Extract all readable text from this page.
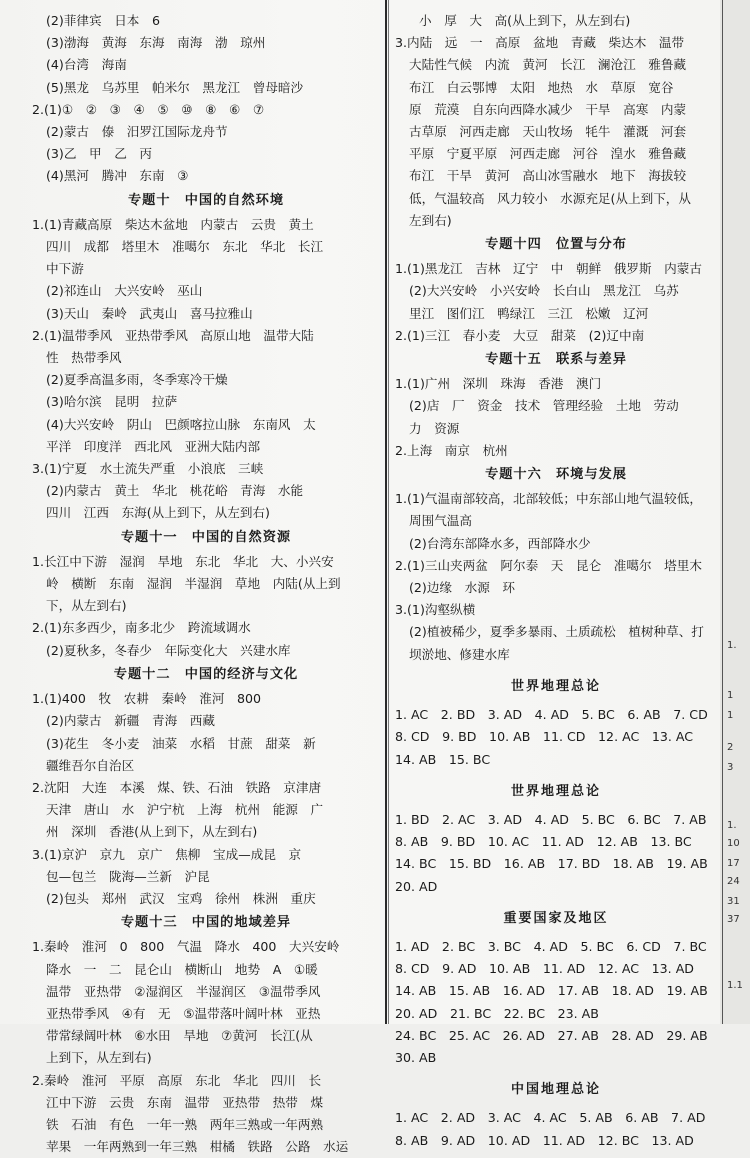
(2)菲律宾　日本　6
(3)渤海　黄海　东海　南海　渤　琼州
(4)台湾　海南
(5)黑龙　乌苏里　帕米尔　黑龙江　曾母暗沙
2.(1)①　②　③　④　⑤　⑩　⑧　⑥　⑦
(2)蒙古　傣　汨罗江国际龙舟节
(3)乙　甲　乙　丙
(4)黑河　腾冲　东南　③
专题十　中国的自然环境
1.(1)青藏高原　柴达木盆地　内蒙古　云贵　黄土
四川　成都　塔里木　准噶尔　东北　华北　长江
中下游
(2)祁连山　大兴安岭　巫山
(3)天山　秦岭　武夷山　喜马拉雅山
2.(1)温带季风　亚热带季风　高原山地　温带大陆
性　热带季风
(2)夏季高温多雨，冬季寒冷干燥
(3)哈尔滨　昆明　拉萨
(4)大兴安岭　阴山　巴颜喀拉山脉　东南风　太
平洋　印度洋　西北风　亚洲大陆内部
3.(1)宁夏　水土流失严重　小浪底　三峡
(2)内蒙古　黄土　华北　桃花峪　青海　水能
四川　江西　东海(从上到下，从左到右)
专题十一　中国的自然资源
1.长江中下游　湿润　旱地　东北　华北　大、小兴安
岭　横断　东南　湿润　半湿润　草地　内陆(从上到
下，从左到右)
2.(1)东多西少，南多北少　跨流域调水
(2)夏秋多，冬春少　年际变化大　兴建水库
专题十二　中国的经济与文化
1.(1)400　牧　农耕　秦岭　淮河　800
(2)内蒙古　新疆　青海　西藏
(3)花生　冬小麦　油菜　水稻　甘蔗　甜菜　新
疆维吾尔自治区
2.沈阳　大连　本溪　煤、铁、石油　铁路　京津唐
天津　唐山　水　沪宁杭　上海　杭州　能源　广
州　深圳　香港(从上到下，从左到右)
3.(1)京沪　京九　京广　焦柳　宝成—成昆　京
包—包兰　陇海—兰新　沪昆
(2)包头　郑州　武汉　宝鸡　徐州　株洲　重庆
专题十三　中国的地域差异
1.秦岭　淮河　0　800　气温　降水　400　大兴安岭
降水　一　二　昆仑山　横断山　地势　A　①暖
温带　亚热带　②湿润区　半湿润区　③温带季风
亚热带季风　④有　无　⑤温带落叶阔叶林　亚热
带常绿阔叶林　⑥水田　旱地　⑦黄河　长江(从
上到下，从左到右)
2.秦岭　淮河　平原　高原　东北　华北　四川　长
江中下游　云贵　东南　温带　亚热带　热带　煤
铁　石油　有色　一年一熟　两年三熟或一年两熟
苹果　一年两熟到一年三熟　柑橘　铁路　公路　水运
小　厚　大　高(从上到下，从左到右)
3.内陆　远　一　高原　盆地　青藏　柴达木　温带
大陆性气候　内流　黄河　长江　澜沧江　雅鲁藏
布江　白云鄂博　太阳　地热　水　草原　宽谷
原　荒漠　自东向西降水减少　干旱　高寒　内蒙
古草原　河西走廊　天山牧场　牦牛　灌溉　河套
平原　宁夏平原　河西走廊　河谷　湟水　雅鲁藏
布江　干旱　黄河　高山冰雪融水　地下　海拔较
低，气温较高　风力较小　水源充足(从上到下，从
左到右)
专题十四　位置与分布
1.(1)黑龙江　吉林　辽宁　中　朝鲜　俄罗斯　内蒙古
(2)大兴安岭　小兴安岭　长白山　黑龙江　乌苏
里江　图们江　鸭绿江　三江　松嫩　辽河
2.(1)三江　春小麦　大豆　甜菜　(2)辽中南
专题十五　联系与差异
1.(1)广州　深圳　珠海　香港　澳门
(2)店　厂　资金　技术　管理经验　土地　劳动
力　资源
2.上海　南京　杭州
专题十六　环境与发展
1.(1)气温南部较高，北部较低；中东部山地气温较低，
周围气温高
(2)台湾东部降水多，西部降水少
2.(1)三山夹两盆　阿尔泰　天　昆仑　准噶尔　塔里木
(2)边缘　水源　环
3.(1)沟壑纵横
(2)植被稀少，夏季多暴雨、土质疏松　植树种草、打
坝淤地、修建水库
世界地理总论
1. AC　2. BD　3. AD　4. AD　5. BC　6. AB　7. CD
8. CD　9. BD　10. AB　11. CD　12. AC　13. AC
14. AB　15. BC
世界地理总论
1. BD　2. AC　3. AD　4. AD　5. BC　6. BC　7. AB
8. AB　9. BD　10. AC　11. AD　12. AB　13. BC
14. BC　15. BD　16. AB　17. BD　18. AB　19. AB
20. AD
重要国家及地区
1. AD　2. BC　3. BC　4. AD　5. BC　6. CD　7. BC
8. CD　9. AD　10. AB　11. AD　12. AC　13. AD
14. AB　15. AB　16. AD　17. AB　18. AD　19. AB
20. AD　21. BC　22. BC　23. AB
24. BC　25. AC　26. AD　27. AB　28. AD　29. AB
30. AB
中国地理总论
1. AC　2. AD　3. AC　4. AC　5. AB　6. AB　7. AD
8. AB　9. AD　10. AD　11. AD　12. BC　13. AD
1.
1
1
2
3
1.
10
17
24
31
37
1.1
